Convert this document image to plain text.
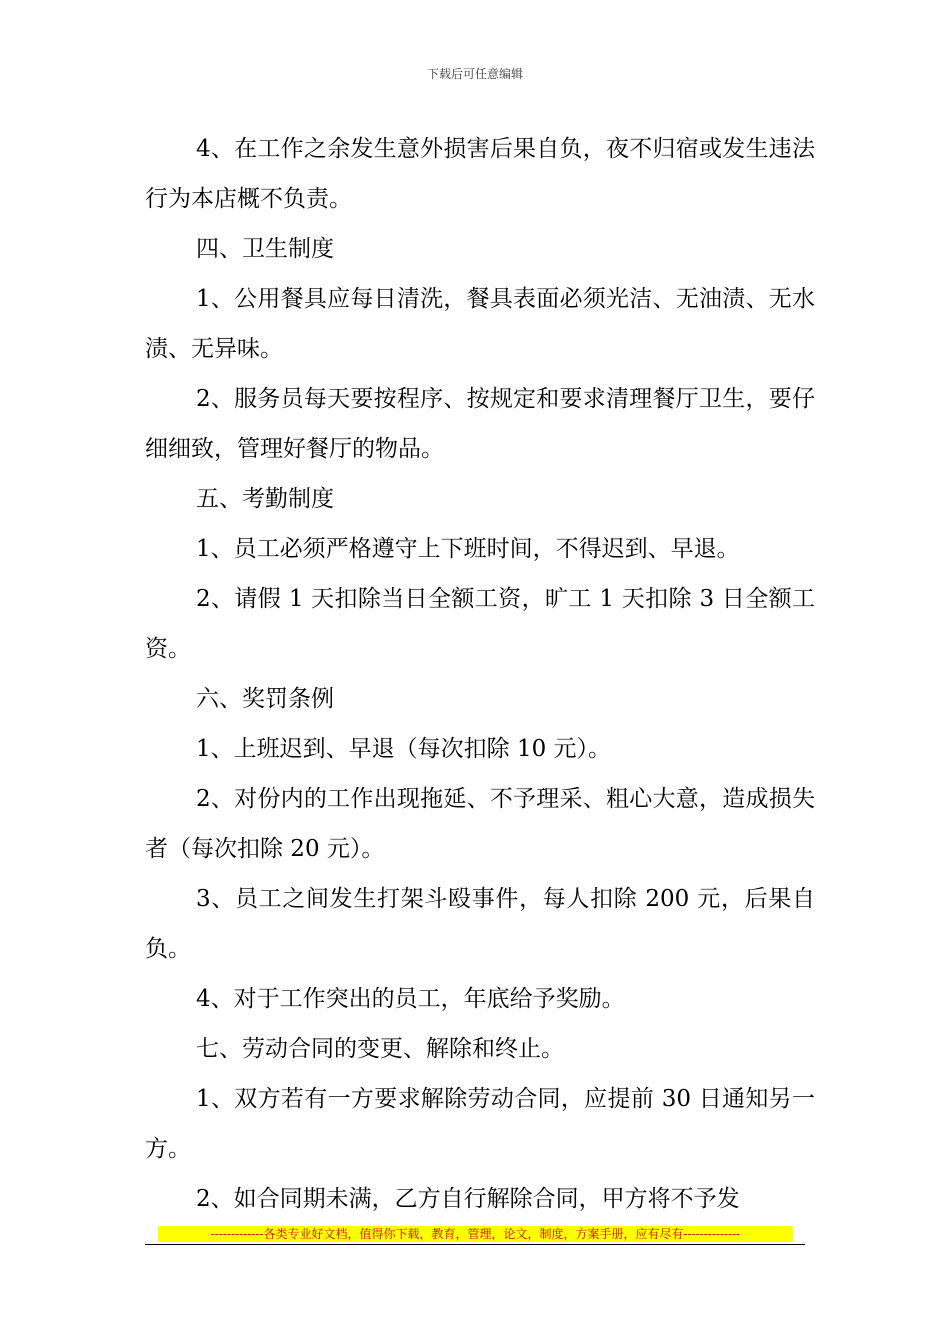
下载后可任意编辑

4、在工作之余发生意外损害后果自负，夜不归宿或发生违法行为本店概不负责。

四、卫生制度

1、公用餐具应每日清洗，餐具表面必须光洁、无油渍、无水渍、无异味。

2、服务员每天要按程序、按规定和要求清理餐厅卫生，要仔细细致，管理好餐厅的物品。

五、考勤制度

1、员工必须严格遵守上下班时间，不得迟到、早退。

2、请假 1 天扣除当日全额工资，旷工 1 天扣除 3 日全额工资。

六、奖罚条例

1、上班迟到、早退（每次扣除 10 元）。

2、对份内的工作出现拖延、不予理采、粗心大意，造成损失者（每次扣除 20 元）。

3、员工之间发生打架斗殴事件，每人扣除 200 元，后果自负。

4、对于工作突出的员工，年底给予奖励。

七、劳动合同的变更、解除和终止。

1、双方若有一方要求解除劳动合同，应提前 30 日通知另一方。

2、如合同期未满，乙方自行解除合同，甲方将不予发

-------------各类专业好文档，值得你下载，教育，管理，论文，制度，方案手册，应有尽有--------------
